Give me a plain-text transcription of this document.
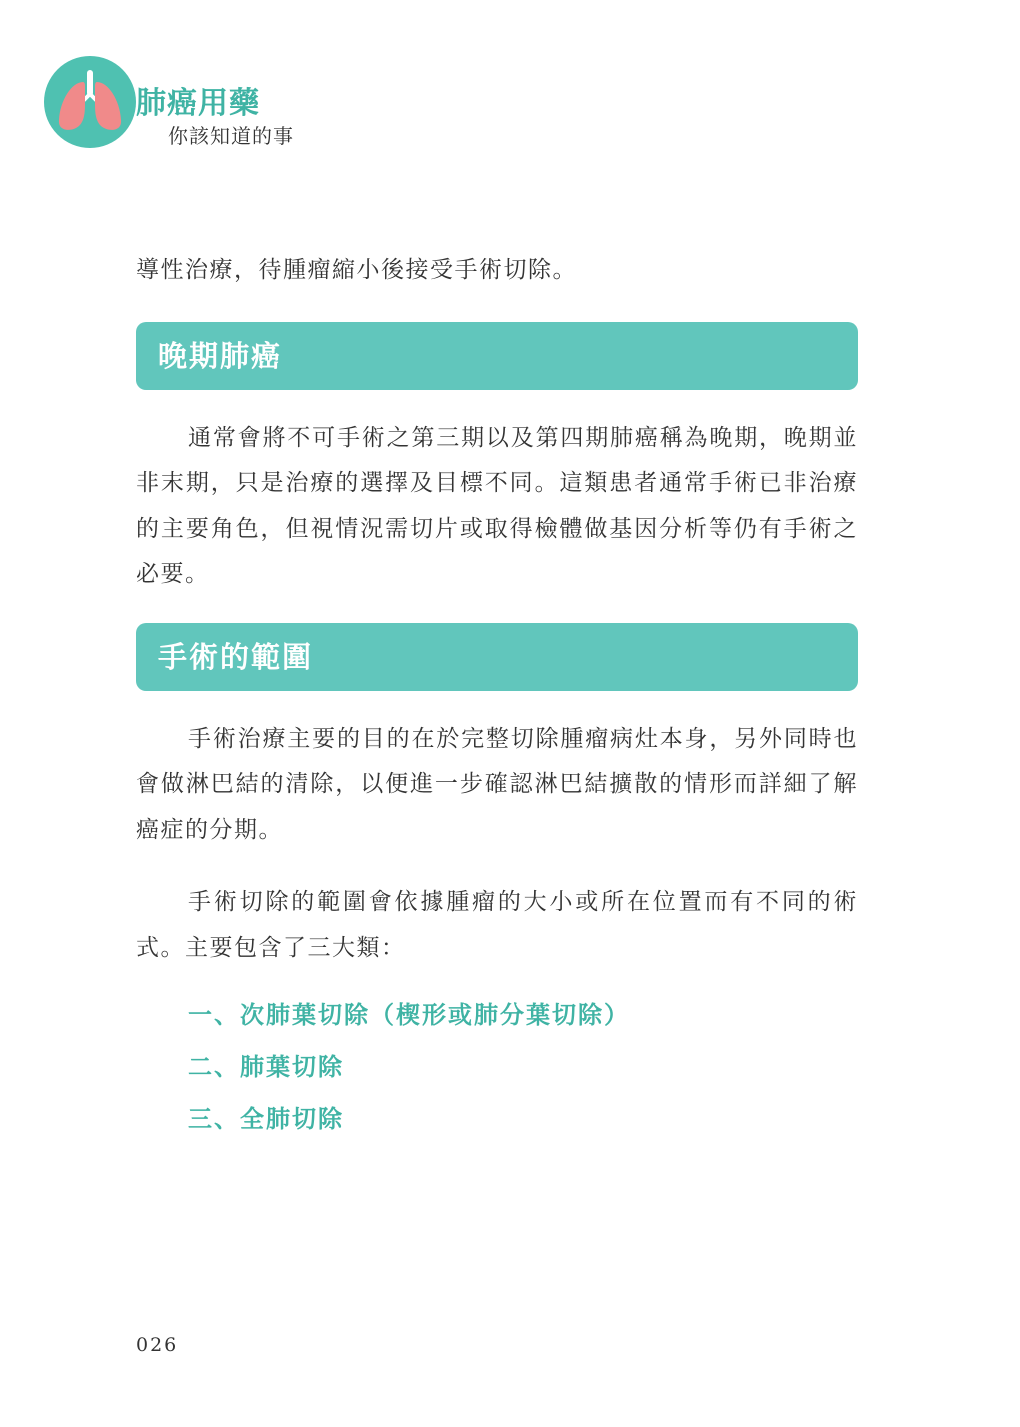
肺癌用藥
你該知道的事

導性治療，待腫瘤縮小後接受手術切除。

晚期肺癌

通常會將不可手術之第三期以及第四期肺癌稱為晚期，晚期並非末期，只是治療的選擇及目標不同。這類患者通常手術已非治療的主要角色，但視情況需切片或取得檢體做基因分析等仍有手術之必要。

手術的範圍

手術治療主要的目的在於完整切除腫瘤病灶本身，另外同時也會做淋巴結的清除，以便進一步確認淋巴結擴散的情形而詳細了解癌症的分期。

手術切除的範圍會依據腫瘤的大小或所在位置而有不同的術式。主要包含了三大類：

一、次肺葉切除（楔形或肺分葉切除）
二、肺葉切除
三、全肺切除
026
